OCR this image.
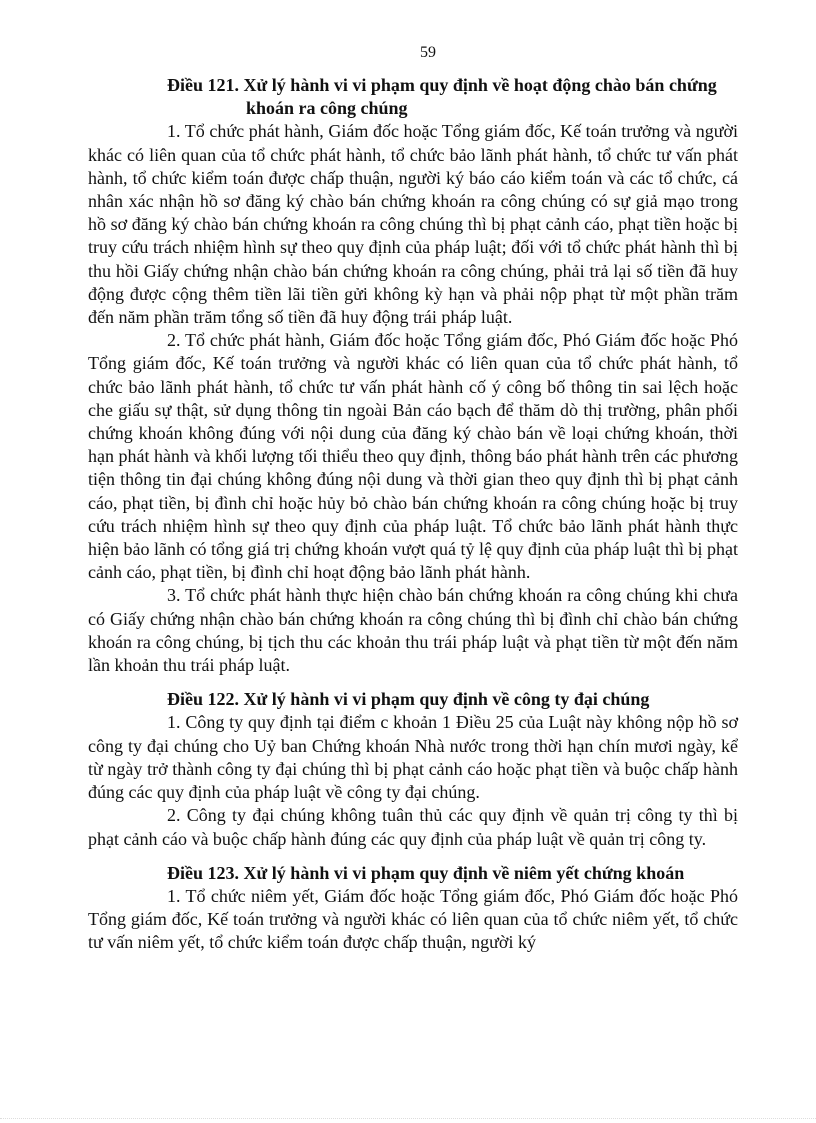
59

Điều 121. Xử lý hành vi vi phạm quy định về hoạt động chào bán chứng khoán ra công chúng

1. Tổ chức phát hành, Giám đốc hoặc Tổng giám đốc, Kế toán trưởng và người khác có liên quan của tổ chức phát hành, tổ chức bảo lãnh phát hành, tổ chức tư vấn phát hành, tổ chức kiểm toán được chấp thuận, người ký báo cáo kiểm toán và các tổ chức, cá nhân xác nhận hồ sơ đăng ký chào bán chứng khoán ra công chúng có sự giả mạo trong hồ sơ đăng ký chào bán chứng khoán ra công chúng thì bị phạt cảnh cáo, phạt tiền hoặc bị truy cứu trách nhiệm hình sự theo quy định của pháp luật; đối với tổ chức phát hành thì bị thu hồi Giấy chứng nhận chào bán chứng khoán ra công chúng, phải trả lại số tiền đã huy động được cộng thêm tiền lãi tiền gửi không kỳ hạn và phải nộp phạt từ một phần trăm đến năm phần trăm tổng số tiền đã huy động trái pháp luật.

2. Tổ chức phát hành, Giám đốc hoặc Tổng giám đốc, Phó Giám đốc hoặc Phó Tổng giám đốc, Kế toán trưởng và người khác có liên quan của tổ chức phát hành, tổ chức bảo lãnh phát hành, tổ chức tư vấn phát hành cố ý công bố thông tin sai lệch hoặc che giấu sự thật, sử dụng thông tin ngoài Bản cáo bạch để thăm dò thị trường, phân phối chứng khoán không đúng với nội dung của đăng ký chào bán về loại chứng khoán, thời hạn phát hành và khối lượng tối thiểu theo quy định, thông báo phát hành trên các phương tiện thông tin đại chúng không đúng nội dung và thời gian theo quy định thì bị phạt cảnh cáo, phạt tiền, bị đình chỉ hoặc hủy bỏ chào bán chứng khoán ra công chúng hoặc bị truy cứu trách nhiệm hình sự theo quy định của pháp luật. Tổ chức bảo lãnh phát hành thực hiện bảo lãnh có tổng giá trị chứng khoán vượt quá tỷ lệ quy định của pháp luật thì bị phạt cảnh cáo, phạt tiền, bị đình chỉ hoạt động bảo lãnh phát hành.

3. Tổ chức phát hành thực hiện chào bán chứng khoán ra công chúng khi chưa có Giấy chứng nhận chào bán chứng khoán ra công chúng thì bị đình chỉ chào bán chứng khoán ra công chúng, bị tịch thu các khoản thu trái pháp luật và phạt tiền từ một đến năm lần khoản thu trái pháp luật.

Điều 122. Xử lý hành vi vi phạm quy định về công ty đại chúng

1. Công ty quy định tại điểm c khoản 1 Điều 25 của Luật này không nộp hồ sơ công ty đại chúng cho Uỷ ban Chứng khoán Nhà nước trong thời hạn chín mươi ngày, kể từ ngày trở thành công ty đại chúng thì bị phạt cảnh cáo hoặc phạt tiền và buộc chấp hành đúng các quy định của pháp luật về công ty đại chúng.

2. Công ty đại chúng không tuân thủ các quy định về quản trị công ty thì bị phạt cảnh cáo và buộc chấp hành đúng các quy định của pháp luật về quản trị công ty.

Điều 123. Xử lý hành vi vi phạm quy định về niêm yết chứng khoán

1. Tổ chức niêm yết, Giám đốc hoặc Tổng giám đốc, Phó Giám đốc hoặc Phó Tổng giám đốc, Kế toán trưởng và người khác có liên quan của tổ chức niêm yết, tổ chức tư vấn niêm yết, tổ chức kiểm toán được chấp thuận, người ký
